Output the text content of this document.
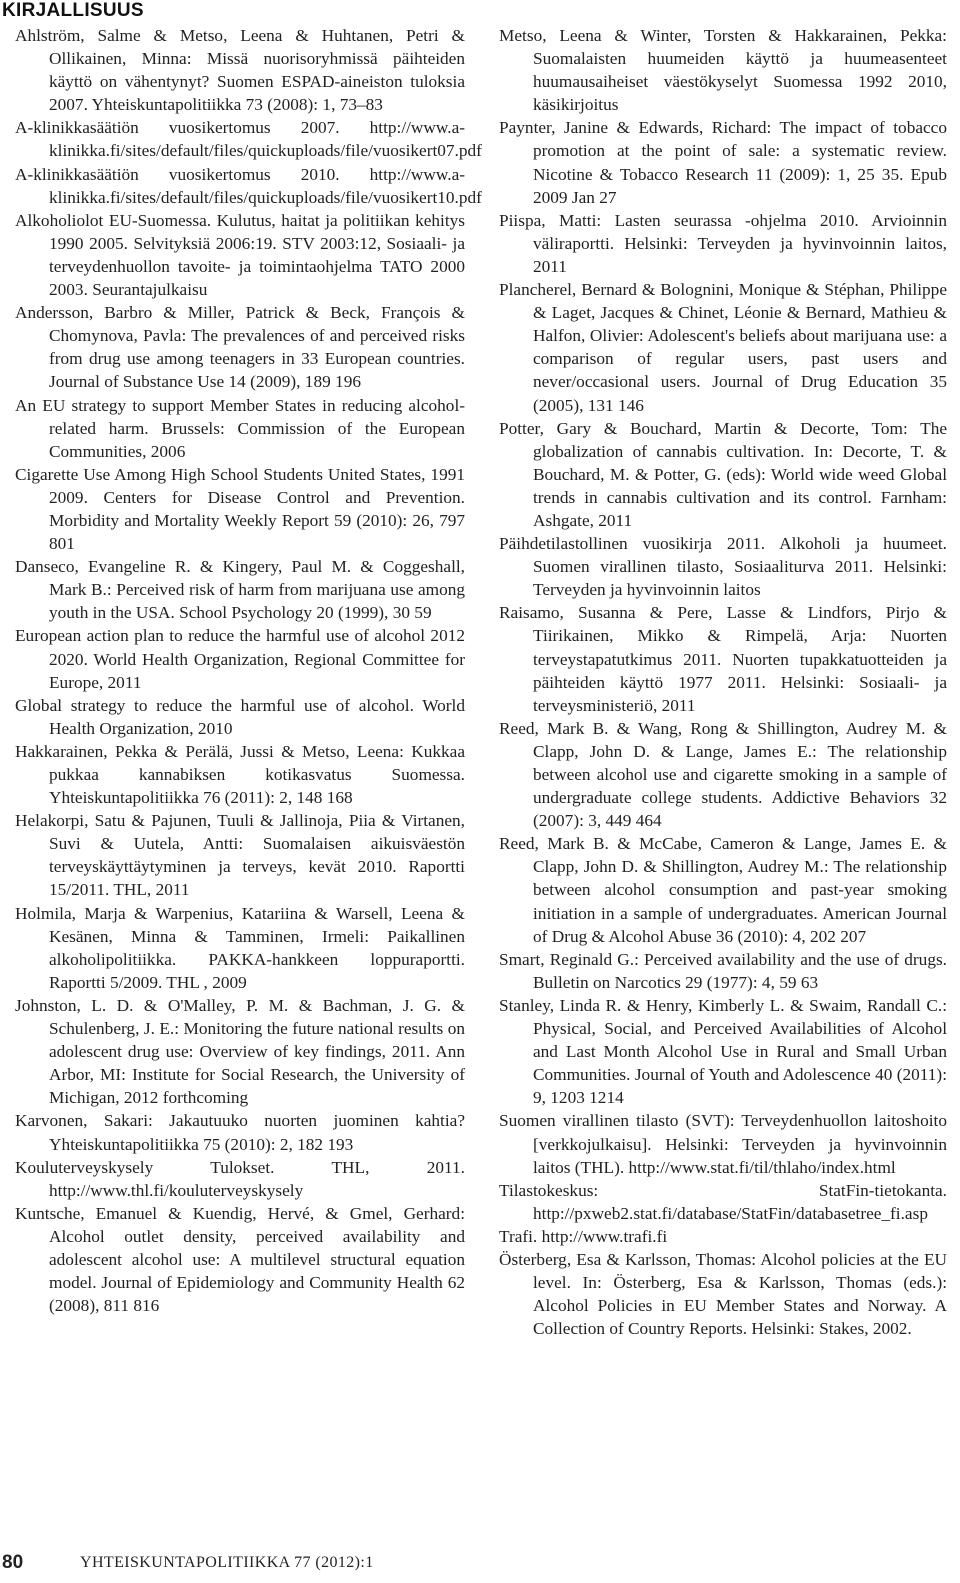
KIRJALLISUUS

Ahlström, Salme & Metso, Leena & Huhtanen, Petri & Ollikainen, Minna: Missä nuorisoryhmissä päihteiden käyttö on vähentynyt? Suomen ESPAD-aineiston tuloksia 2007. Yhteiskuntapolitiikka 73 (2008): 1, 73–83

A-klinikkasäätiön vuosikertomus 2007. http://www.a-klinikka.fi/sites/default/files/quickuploads/file/vuosikert07.pdf

A-klinikkasäätiön vuosikertomus 2010. http://www.a-klinikka.fi/sites/default/files/quickuploads/file/vuosikert10.pdf

Alkoholiolot EU-Suomessa. Kulutus, haitat ja politiikan kehitys 1990 2005. Selvityksiä 2006:19. STV 2003:12, Sosiaali- ja terveydenhuollon tavoite- ja toimintaohjelma TATO 2000 2003. Seurantajulkaisu

Andersson, Barbro & Miller, Patrick & Beck, François & Chomynova, Pavla: The prevalences of and perceived risks from drug use among teenagers in 33 European countries. Journal of Substance Use 14 (2009), 189 196

An EU strategy to support Member States in reducing alcohol-related harm. Brussels: Commission of the European Communities, 2006

Cigarette Use Among High School Students United States, 1991 2009. Centers for Disease Control and Prevention. Morbidity and Mortality Weekly Report 59 (2010): 26, 797 801

Danseco, Evangeline R. & Kingery, Paul M. & Coggeshall, Mark B.: Perceived risk of harm from marijuana use among youth in the USA. School Psychology 20 (1999), 30 59

European action plan to reduce the harmful use of alcohol 2012 2020. World Health Organization, Regional Committee for Europe, 2011

Global strategy to reduce the harmful use of alcohol. World Health Organization, 2010

Hakkarainen, Pekka & Perälä, Jussi & Metso, Leena: Kukkaa pukkaa kannabiksen kotikasvatus Suomessa. Yhteiskuntapolitiikka 76 (2011): 2, 148 168

Helakorpi, Satu & Pajunen, Tuuli & Jallinoja, Piia & Virtanen, Suvi & Uutela, Antti: Suomalaisen aikuisväestön terveyskäyttäytyminen ja terveys, kevät 2010. Raportti 15/2011. THL, 2011

Holmila, Marja & Warpenius, Katariina & Warsell, Leena & Kesänen, Minna & Tamminen, Irmeli: Paikallinen alkoholipolitiikka. PAKKA-hankkeen loppuraportti. Raportti 5/2009. THL , 2009

Johnston, L. D. & O'Malley, P. M. & Bachman, J. G. & Schulenberg, J. E.: Monitoring the future national results on adolescent drug use: Overview of key findings, 2011. Ann Arbor, MI: Institute for Social Research, the University of Michigan, 2012 forthcoming

Karvonen, Sakari: Jakautuuko nuorten juominen kahtia? Yhteiskuntapolitiikka 75 (2010): 2, 182 193

Kouluterveyskysely Tulokset. THL, 2011. http://www.thl.fi/kouluterveyskysely

Kuntsche, Emanuel & Kuendig, Hervé, & Gmel, Gerhard: Alcohol outlet density, perceived availability and adolescent alcohol use: A multilevel structural equation model. Journal of Epidemiology and Community Health 62 (2008), 811 816

Metso, Leena & Winter, Torsten & Hakkarainen, Pekka: Suomalaisten huumeiden käyttö ja huumeasenteet huumausaiheiset väestökyselyt Suomessa 1992 2010, käsikirjoitus

Paynter, Janine & Edwards, Richard: The impact of tobacco promotion at the point of sale: a systematic review. Nicotine & Tobacco Research 11 (2009): 1, 25 35. Epub 2009 Jan 27

Piispa, Matti: Lasten seurassa -ohjelma 2010. Arvioinnin väliraportti. Helsinki: Terveyden ja hyvinvoinnin laitos, 2011

Plancherel, Bernard & Bolognini, Monique & Stéphan, Philippe & Laget, Jacques & Chinet, Léonie & Bernard, Mathieu & Halfon, Olivier: Adolescent's beliefs about marijuana use: a comparison of regular users, past users and never/occasional users. Journal of Drug Education 35 (2005), 131 146

Potter, Gary & Bouchard, Martin & Decorte, Tom: The globalization of cannabis cultivation. In: Decorte, T. & Bouchard, M. & Potter, G. (eds): World wide weed Global trends in cannabis cultivation and its control. Farnham: Ashgate, 2011

Päihdetilastollinen vuosikirja 2011. Alkoholi ja huumeet. Suomen virallinen tilasto, Sosiaaliturva 2011. Helsinki: Terveyden ja hyvinvoinnin laitos

Raisamo, Susanna & Pere, Lasse & Lindfors, Pirjo & Tiirikainen, Mikko & Rimpelä, Arja: Nuorten terveystapatutkimus 2011. Nuorten tupakkatuotteiden ja päihteiden käyttö 1977 2011. Helsinki: Sosiaali- ja terveysministeriö, 2011

Reed, Mark B. & Wang, Rong & Shillington, Audrey M. & Clapp, John D. & Lange, James E.: The relationship between alcohol use and cigarette smoking in a sample of undergraduate college students. Addictive Behaviors 32 (2007): 3, 449 464

Reed, Mark B. & McCabe, Cameron & Lange, James E. & Clapp, John D. & Shillington, Audrey M.: The relationship between alcohol consumption and past-year smoking initiation in a sample of undergraduates. American Journal of Drug & Alcohol Abuse 36 (2010): 4, 202 207

Smart, Reginald G.: Perceived availability and the use of drugs. Bulletin on Narcotics 29 (1977): 4, 59 63

Stanley, Linda R. & Henry, Kimberly L. & Swaim, Randall C.: Physical, Social, and Perceived Availabilities of Alcohol and Last Month Alcohol Use in Rural and Small Urban Communities. Journal of Youth and Adolescence 40 (2011): 9, 1203 1214

Suomen virallinen tilasto (SVT): Terveydenhuollon laitoshoito [verkkojulkaisu]. Helsinki: Terveyden ja hyvinvoinnin laitos (THL). http://www.stat.fi/til/thlaho/index.html

Tilastokeskus: StatFin-tietokanta. http://pxweb2.stat.fi/database/StatFin/databasetree_fi.asp

Trafi. http://www.trafi.fi

Österberg, Esa & Karlsson, Thomas: Alcohol policies at the EU level. In: Österberg, Esa & Karlsson, Thomas (eds.): Alcohol Policies in EU Member States and Norway. A Collection of Country Reports. Helsinki: Stakes, 2002.

80	YHTEISKUNTAPOLITIIKKA 77 (2012):1
